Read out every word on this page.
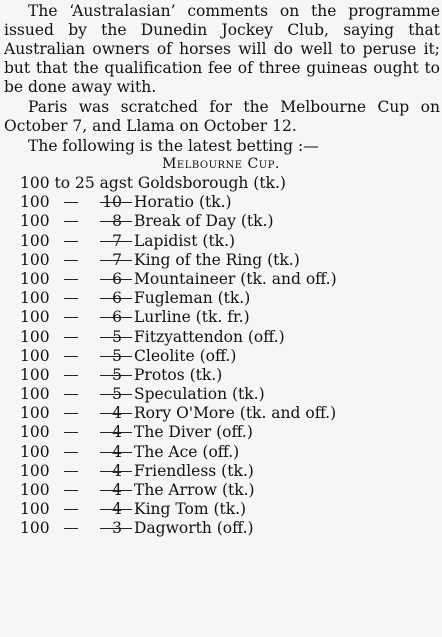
The ‘Australasian’ comments on the programme issued by the Dunedin Jockey Club, saying that Australian owners of horses will do well to peruse it; but that the qualification fee of three guineas ought to be done away with.

Paris was scratched for the Melbourne Cup on October 7, and Llama on October 12.

The following is the latest betting :—

Melbourne Cup.
100 to 25 agst Goldsborough (tk.)
100	10 Horatio (tk.)
100	8 Break of Day (tk.)
100	7 Lapidist (tk.)
100	7 King of the Ring (tk.)
100	6 Mountaineer (tk. and off.)
100	6 Fugleman (tk.)
100	6 Lurline (tk. fr.)
100	5 Fitzyattendon (off.)
100	5 Cleolite (off.)
100	5 Protos (tk.)
100	5 Speculation (tk.)
100	4 Rory O'More (tk. and off.)
100	4 The Diver (off.)
100	4 The Ace (off.)
100	4 Friendless (tk.)
100	4 The Arrow (tk.)
100	4 King Tom (tk.)
100	3 Dagworth (off.)
